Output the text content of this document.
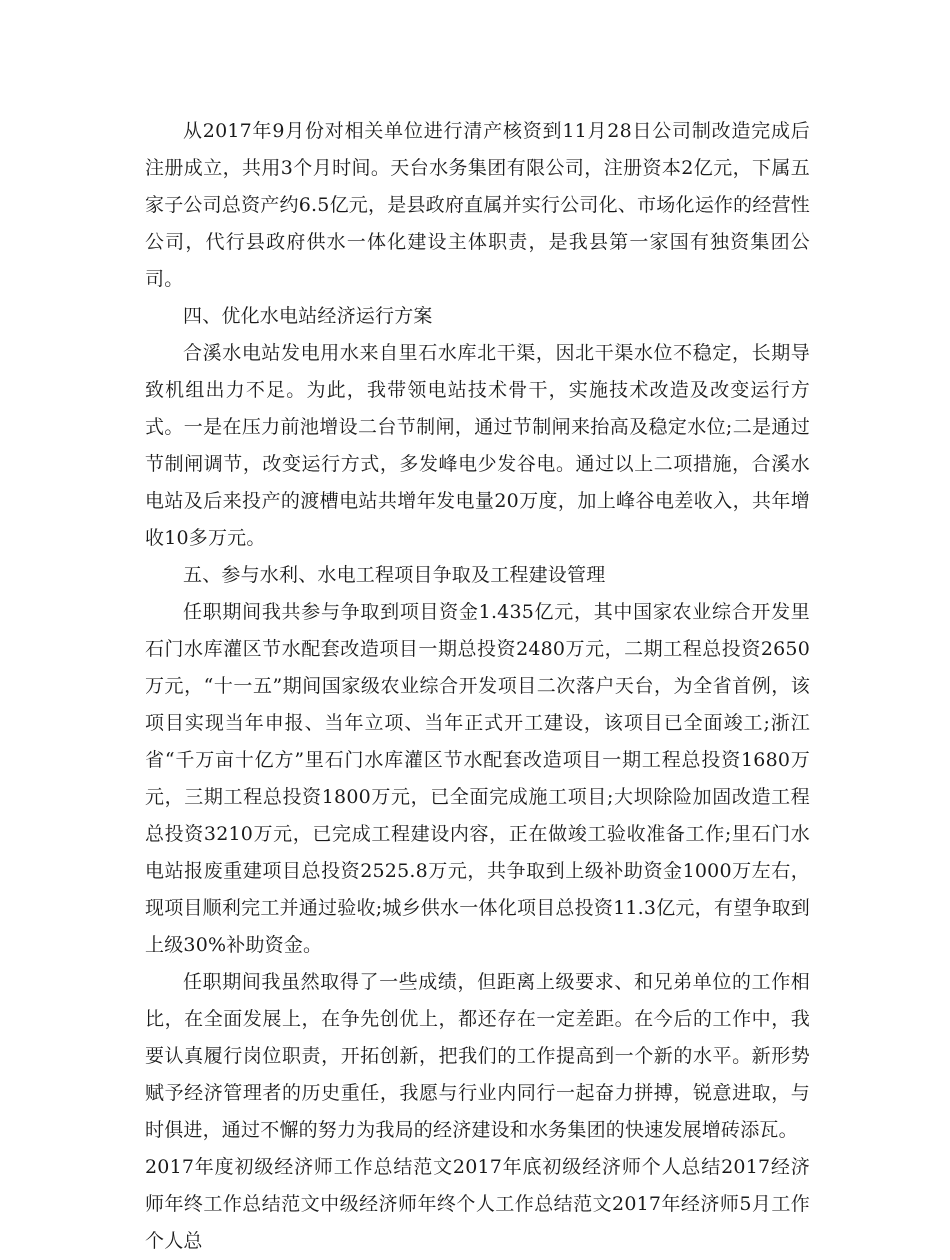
从2017年9月份对相关单位进行清产核资到11月28日公司制改造完成后注册成立，共用3个月时间。天台水务集团有限公司，注册资本2亿元，下属五家子公司总资产约6.5亿元，是县政府直属并实行公司化、市场化运作的经营性公司，代行县政府供水一体化建设主体职责，是我县第一家国有独资集团公司。

四、优化水电站经济运行方案

合溪水电站发电用水来自里石水库北干渠，因北干渠水位不稳定，长期导致机组出力不足。为此，我带领电站技术骨干，实施技术改造及改变运行方式。一是在压力前池增设二台节制闸，通过节制闸来抬高及稳定水位;二是通过节制闸调节，改变运行方式，多发峰电少发谷电。通过以上二项措施，合溪水电站及后来投产的渡槽电站共增年发电量20万度，加上峰谷电差收入，共年增收10多万元。

五、参与水利、水电工程项目争取及工程建设管理

任职期间我共参与争取到项目资金1.435亿元，其中国家农业综合开发里石门水库灌区节水配套改造项目一期总投资2480万元，二期工程总投资2650万元，“十一五”期间国家级农业综合开发项目二次落户天台，为全省首例，该项目实现当年申报、当年立项、当年正式开工建设，该项目已全面竣工;浙江省“千万亩十亿方”里石门水库灌区节水配套改造项目一期工程总投资1680万元，三期工程总投资1800万元，已全面完成施工项目;大坝除险加固改造工程总投资3210万元，已完成工程建设内容，正在做竣工验收准备工作;里石门水电站报废重建项目总投资2525.8万元，共争取到上级补助资金1000万左右，现项目顺利完工并通过验收;城乡供水一体化项目总投资11.3亿元，有望争取到上级30%补助资金。

任职期间我虽然取得了一些成绩，但距离上级要求、和兄弟单位的工作相比，在全面发展上，在争先创优上，都还存在一定差距。在今后的工作中，我要认真履行岗位职责，开拓创新，把我们的工作提高到一个新的水平。新形势赋予经济管理者的历史重任，我愿与行业内同行一起奋力拼搏，锐意进取，与时俱进，通过不懈的努力为我局的经济建设和水务集团的快速发展增砖添瓦。

2017年度初级经济师工作总结范文2017年底初级经济师个人总结2017经济师年终工作总结范文中级经济师年终个人工作总结范文2017年经济师5月工作个人总
